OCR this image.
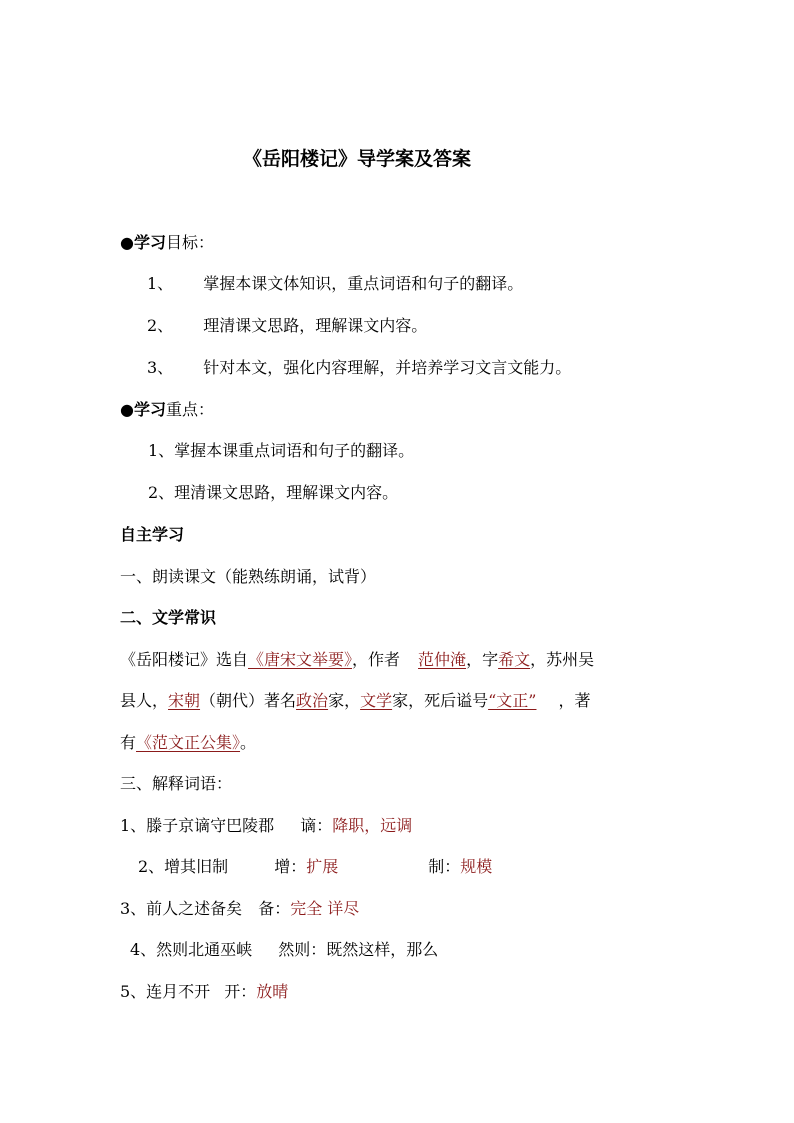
《岳阳楼记》导学案及答案
●学习目标：
1、 掌握本课文体知识，重点词语和句子的翻译。
2、 理清课文思路，理解课文内容。
3、 针对本文，强化内容理解，并培养学习文言文能力。
●学习重点：
1、掌握本课重点词语和句子的翻译。
2、理清课文思路，理解课文内容。
自主学习
一、朗读课文（能熟练朗诵，试背）
二、文学常识
《岳阳楼记》选自《唐宋文举要》，作者 范仲淹，字希文，苏州吴
县人，宋朝（朝代）著名政治家，文学家，死后谥号“文正” ，著
有《范文正公集》。
三、解释词语：
1、滕子京谪守巴陵郡 谪：降职，远调
2、增其旧制	增：扩展	制：规模
3、前人之述备矣 备：完全 详尽
4、然则北通巫峡 然则：既然这样，那么
5、连月不开 开：放晴
